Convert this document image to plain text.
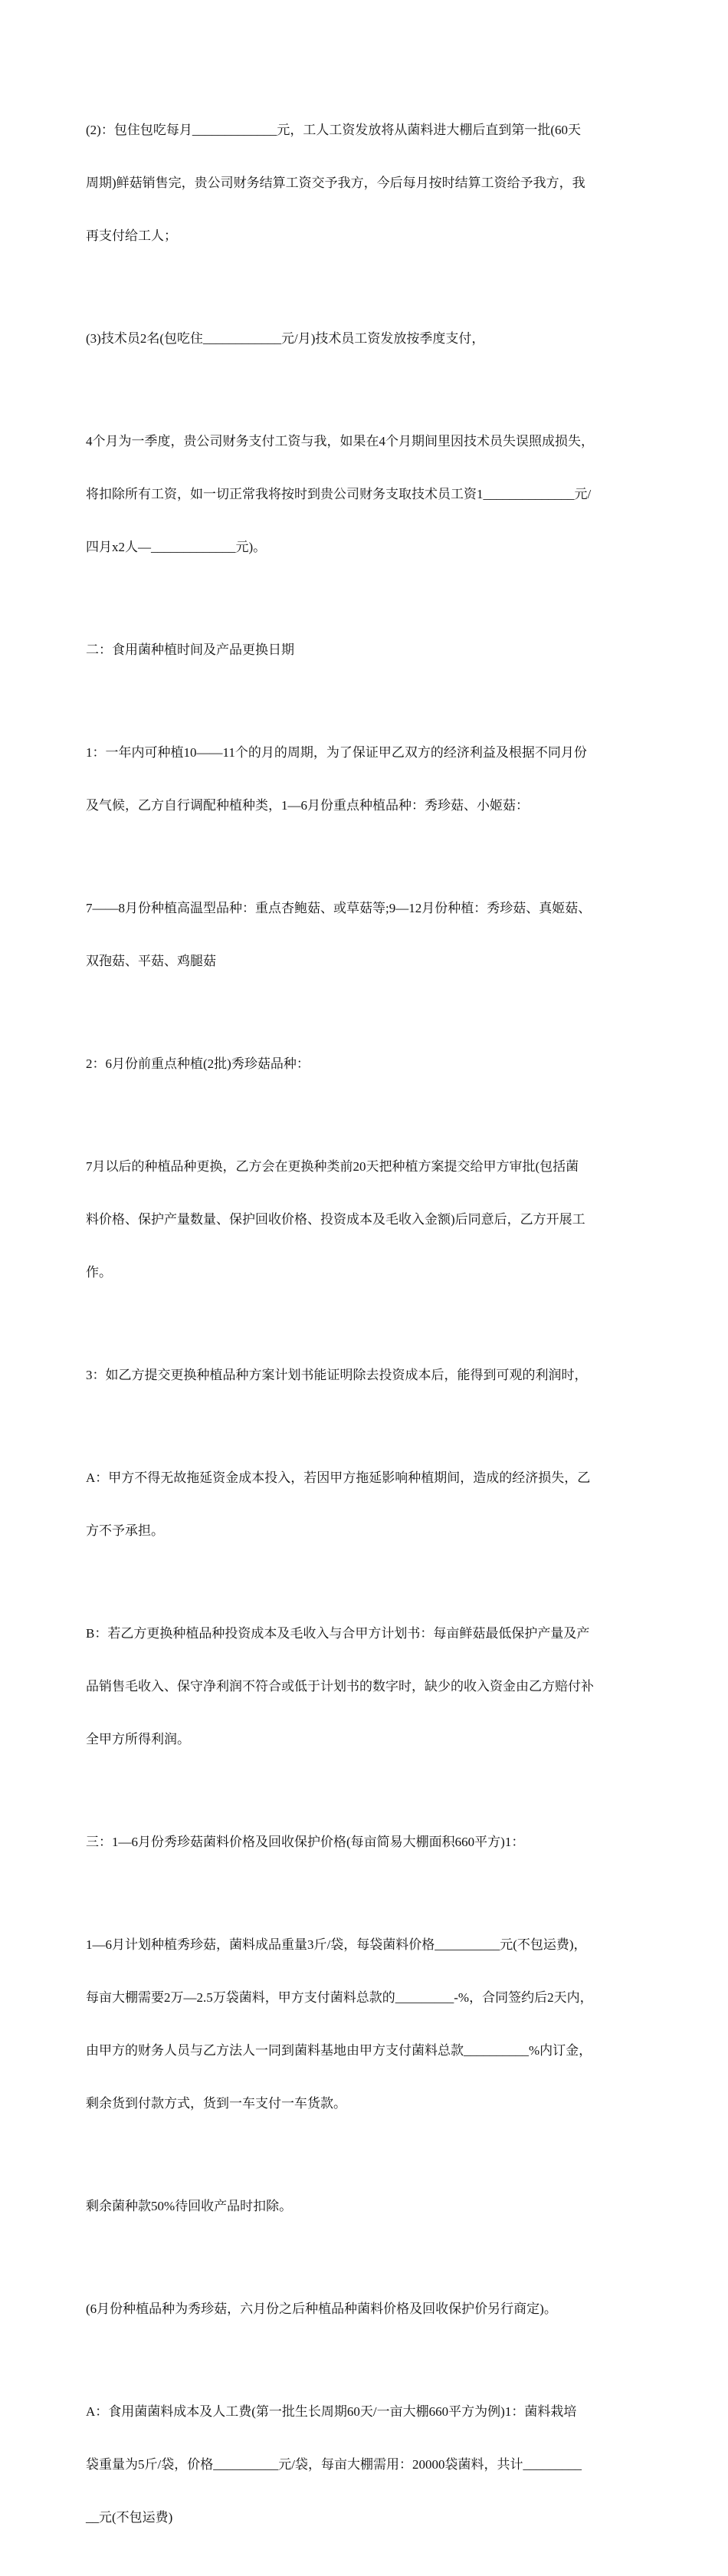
(2)：包住包吃每月_____________元，工人工资发放将从菌料进大棚后直到第一批(60天

周期)鲜菇销售完，贵公司财务结算工资交予我方，今后每月按时结算工资给予我方，我

再支付给工人；

(3)技术员2名(包吃住____________元/月)技术员工资发放按季度支付，

4个月为一季度，贵公司财务支付工资与我，如果在4个月期间里因技术员失误照成损失，

将扣除所有工资，如一切正常我将按时到贵公司财务支取技术员工资1______________元/

四月x2人—_____________元)。

二：食用菌种植时间及产品更换日期

1：一年内可种植10——11个的月的周期，为了保证甲乙双方的经济利益及根据不同月份

及气候，乙方自行调配种植种类，1—6月份重点种植品种：秀珍菇、小姬菇：

7——8月份种植高温型品种：重点杏鲍菇、或草菇等;9—12月份种植：秀珍菇、真姬菇、

双孢菇、平菇、鸡腿菇

2：6月份前重点种植(2批)秀珍菇品种：

7月以后的种植品种更换，乙方会在更换种类前20天把种植方案提交给甲方审批(包括菌

料价格、保护产量数量、保护回收价格、投资成本及毛收入金额)后同意后，乙方开展工

作。

3：如乙方提交更换种植品种方案计划书能证明除去投资成本后，能得到可观的利润时，

A：甲方不得无故拖延资金成本投入，若因甲方拖延影响种植期间，造成的经济损失，乙

方不予承担。

B：若乙方更换种植品种投资成本及毛收入与合甲方计划书：每亩鲜菇最低保护产量及产

品销售毛收入、保守净利润不符合或低于计划书的数字时，缺少的收入资金由乙方赔付补

全甲方所得利润。

三：1—6月份秀珍菇菌料价格及回收保护价格(每亩简易大棚面积660平方)1：

1—6月计划种植秀珍菇，菌料成品重量3斤/袋，每袋菌料价格__________元(不包运费)，

每亩大棚需要2万—2.5万袋菌料，甲方支付菌料总款的_________-%，合同签约后2天内，

由甲方的财务人员与乙方法人一同到菌料基地由甲方支付菌料总款__________%内订金，

剩余货到付款方式，货到一车支付一车货款。

剩余菌种款50%待回收产品时扣除。

(6月份种植品种为秀珍菇，六月份之后种植品种菌料价格及回收保护价另行商定)。

A：食用菌菌料成本及人工费(第一批生长周期60天/一亩大棚660平方为例)1：菌料栽培

袋重量为5斤/袋，价格__________元/袋，每亩大棚需用：20000袋菌料，共计_________

__元(不包运费)
